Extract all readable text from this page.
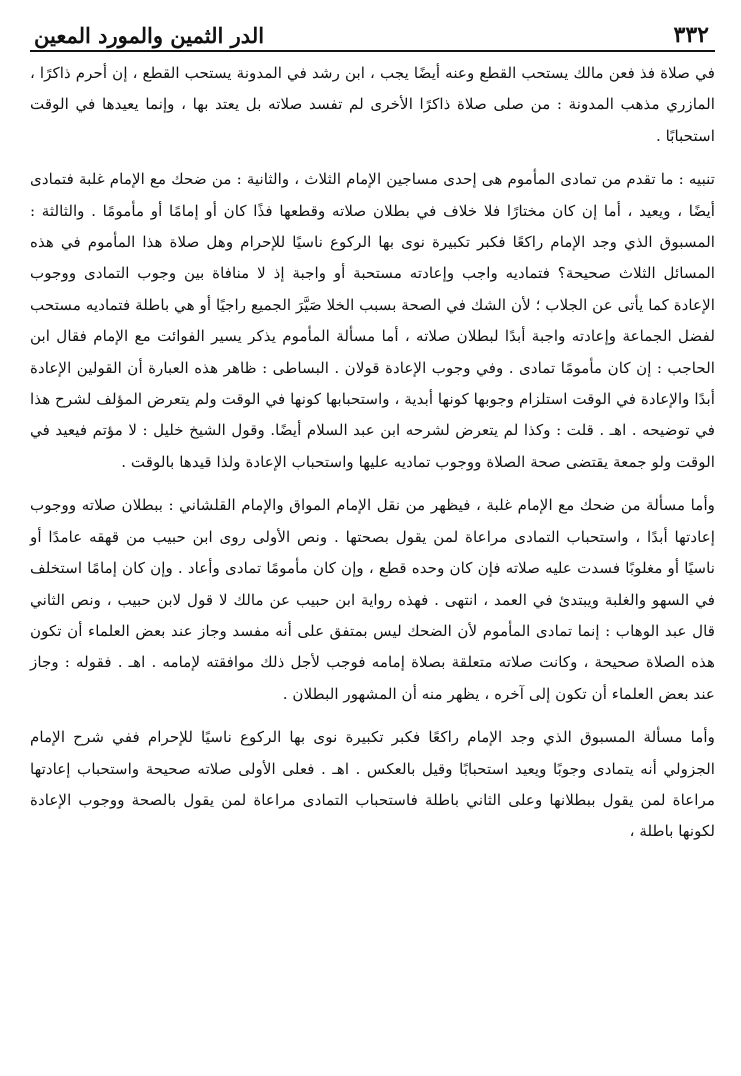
٣٣٢
الدر الثمين والمورد المعين

في صلاة فذ فعن مالك يستحب القطع وعنه أيضًا يجب ، ابن رشد في المدونة يستحب القطع ، إن أحرم ذاكرًا ، المازري مذهب المدونة : من صلى صلاة ذاكرًا الأخرى لم تفسد صلاته بل يعتد بها ، وإنما يعيدها في الوقت استحبابًا .

تنبيه : ما تقدم من تمادى المأموم هى إحدى مساجين الإمام الثلاث ، والثانية : من ضحك مع الإمام غلبة فتمادى أيضًا ، ويعيد ، أما إن كان مختارًا فلا خلاف في بطلان صلاته وقطعها فذًا كان أو إمامًا أو مأمومًا . والثالثة : المسبوق الذي وجد الإمام راكعًا فكبر تكبيرة نوى بها الركوع ناسيًا للإحرام وهل صلاة هذا المأموم في هذه المسائل الثلاث صحيحة؟ فتماديه واجب وإعادته مستحبة أو واجبة إذ لا منافاة بين وجوب التمادى ووجوب الإعادة كما يأتى عن الجلاب ؛ لأن الشك في الصحة بسبب الخلا صَيَّرَ الجميع راجيًا أو هي باطلة فتماديه مستحب لفضل الجماعة وإعادته واجبة أبدًا لبطلان صلاته ، أما مسألة المأموم يذكر يسير الفوائت مع الإمام فقال ابن الحاجب : إن كان مأمومًا تمادى . وفي وجوب الإعادة قولان . البساطى : ظاهر هذه العبارة أن القولين الإعادة أبدًا والإعادة في الوقت استلزام وجوبها كونها أبدية ، واستحبابها كونها في الوقت ولم يتعرض المؤلف لشرح هذا في توضيحه . اهـ . قلت : وكذا لم يتعرض لشرحه ابن عبد السلام أيضًا. وقول الشيخ خليل : لا مؤتم فيعيد في الوقت ولو جمعة يقتضى صحة الصلاة ووجوب تماديه عليها واستحباب الإعادة ولذا قيدها بالوقت .

وأما مسألة من ضحك مع الإمام غلبة ، فيظهر من نقل الإمام المواق والإمام القلشاني : ببطلان صلاته ووجوب إعادتها أبدًا ، واستحباب التمادى مراعاة لمن يقول بصحتها . ونص الأولى روى ابن حبيب من قهقه عامدًا أو ناسيًا أو مغلوبًا فسدت عليه صلاته فإن كان وحده قطع ، وإن كان مأمومًا تمادى وأعاد . وإن كان إمامًا استخلف في السهو والغلبة ويبتدئ في العمد ، انتهى . فهذه رواية ابن حبيب عن مالك لا قول لابن حبيب ، ونص الثاني قال عبد الوهاب : إنما تمادى المأموم لأن الضحك ليس بمتفق على أنه مفسد وجاز عند بعض العلماء أن تكون هذه الصلاة صحيحة ، وكانت صلاته متعلقة بصلاة إمامه فوجب لأجل ذلك موافقته لإمامه . اهـ . فقوله : وجاز عند بعض العلماء أن تكون إلى آخره ، يظهر منه أن المشهور البطلان .

وأما مسألة المسبوق الذي وجد الإمام راكعًا فكبر تكبيرة نوى بها الركوع ناسيًا للإحرام ففي شرح الإمام الجزولي أنه يتمادى وجوبًا ويعيد استحبابًا وقيل بالعكس . اهـ . فعلى الأولى صلاته صحيحة واستحباب إعادتها مراعاة لمن يقول ببطلانها وعلى الثاني باطلة فاستحباب التمادى مراعاة لمن يقول بالصحة ووجوب الإعادة لكونها باطلة ،
